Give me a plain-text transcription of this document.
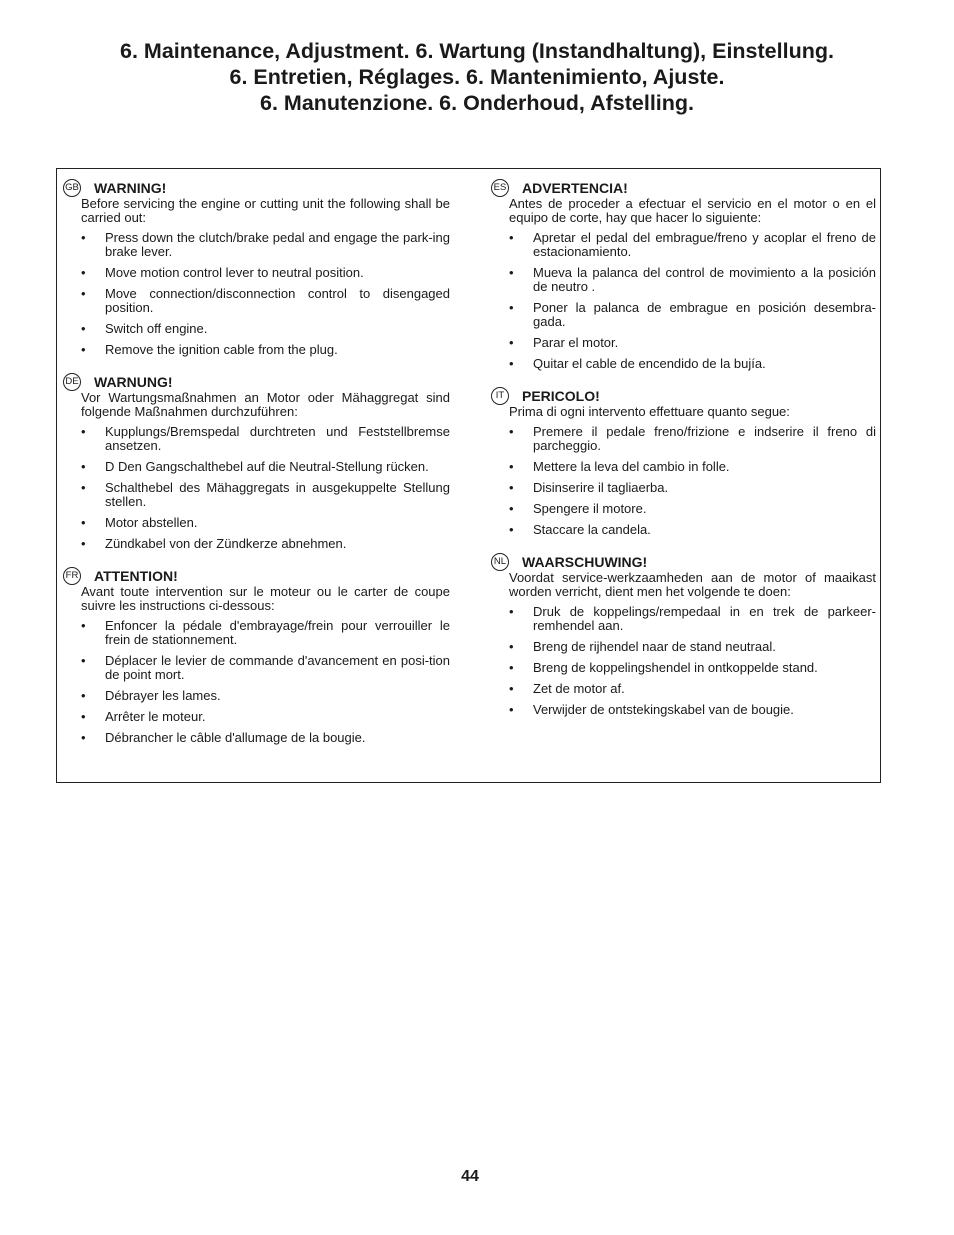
6. Maintenance, Adjustment. 6. Wartung (Instandhaltung), Einstellung.
6. Entretien, Réglages. 6. Mantenimiento, Ajuste.
6. Manutenzione. 6. Onderhoud, Afstelling.
GB WARNING!
Before servicing the engine or cutting unit the following shall be carried out:
• Press down the clutch/brake pedal and engage the park-ing brake lever.
• Move motion control lever to neutral position.
• Move connection/disconnection control to disengaged position.
• Switch off engine.
• Remove the ignition cable from the plug.
DE WARNUNG!
Vor Wartungsmaßnahmen an Motor oder Mähaggregat sind folgende Maßnahmen durchzuführen:
• Kupplungs/Bremspedal durchtreten und Feststellbremse ansetzen.
• D Den Gangschalthebel auf die Neutral-Stellung rücken.
• Schalthebel des Mähaggregats in ausgekuppelte Stellung stellen.
• Motor abstellen.
• Zündkabel von der Zündkerze abnehmen.
FR ATTENTION!
Avant toute intervention sur le moteur ou le carter de coupe suivre les instructions ci-dessous:
• Enfoncer la pédale d'embrayage/frein pour verrouiller le frein de stationnement.
• Déplacer le levier de commande d'avancement en posi-tion de point mort.
• Débrayer les lames.
• Arrêter le moteur.
• Débrancher le câble d'allumage de la bougie.
ES ADVERTENCIA!
Antes de proceder a efectuar el servicio en el motor o en el equipo de corte, hay que hacer lo siguiente:
• Apretar el pedal del embrague/freno y acoplar el freno de estacionamiento.
• Mueva la palanca del control de movimiento a la posición de neutro .
• Poner la palanca de embrague en posición desembra-gada.
• Parar el motor.
• Quitar el cable de encendido de la bujía.
IT	PERICOLO!
Prima di ogni intervento effettuare quanto segue:
• Premere il pedale freno/frizione e indserire il freno di parcheggio.
• Mettere la leva del cambio in folle.
• Disinserire il tagliaerba.
• Spengere il motore.
• Staccare la candela.
NL WAARSCHUWING!
Voordat service-werkzaamheden aan de motor of maaikast worden verricht, dient men het volgende te doen:
• Druk de koppelings/rempedaal in en trek de parkeer-remhendel aan.
• Breng de rijhendel naar de stand neutraal.
• Breng de koppelingshendel in ontkoppelde stand.
• Zet de motor af.
• Verwijder de ontstekingskabel van de bougie.
44
